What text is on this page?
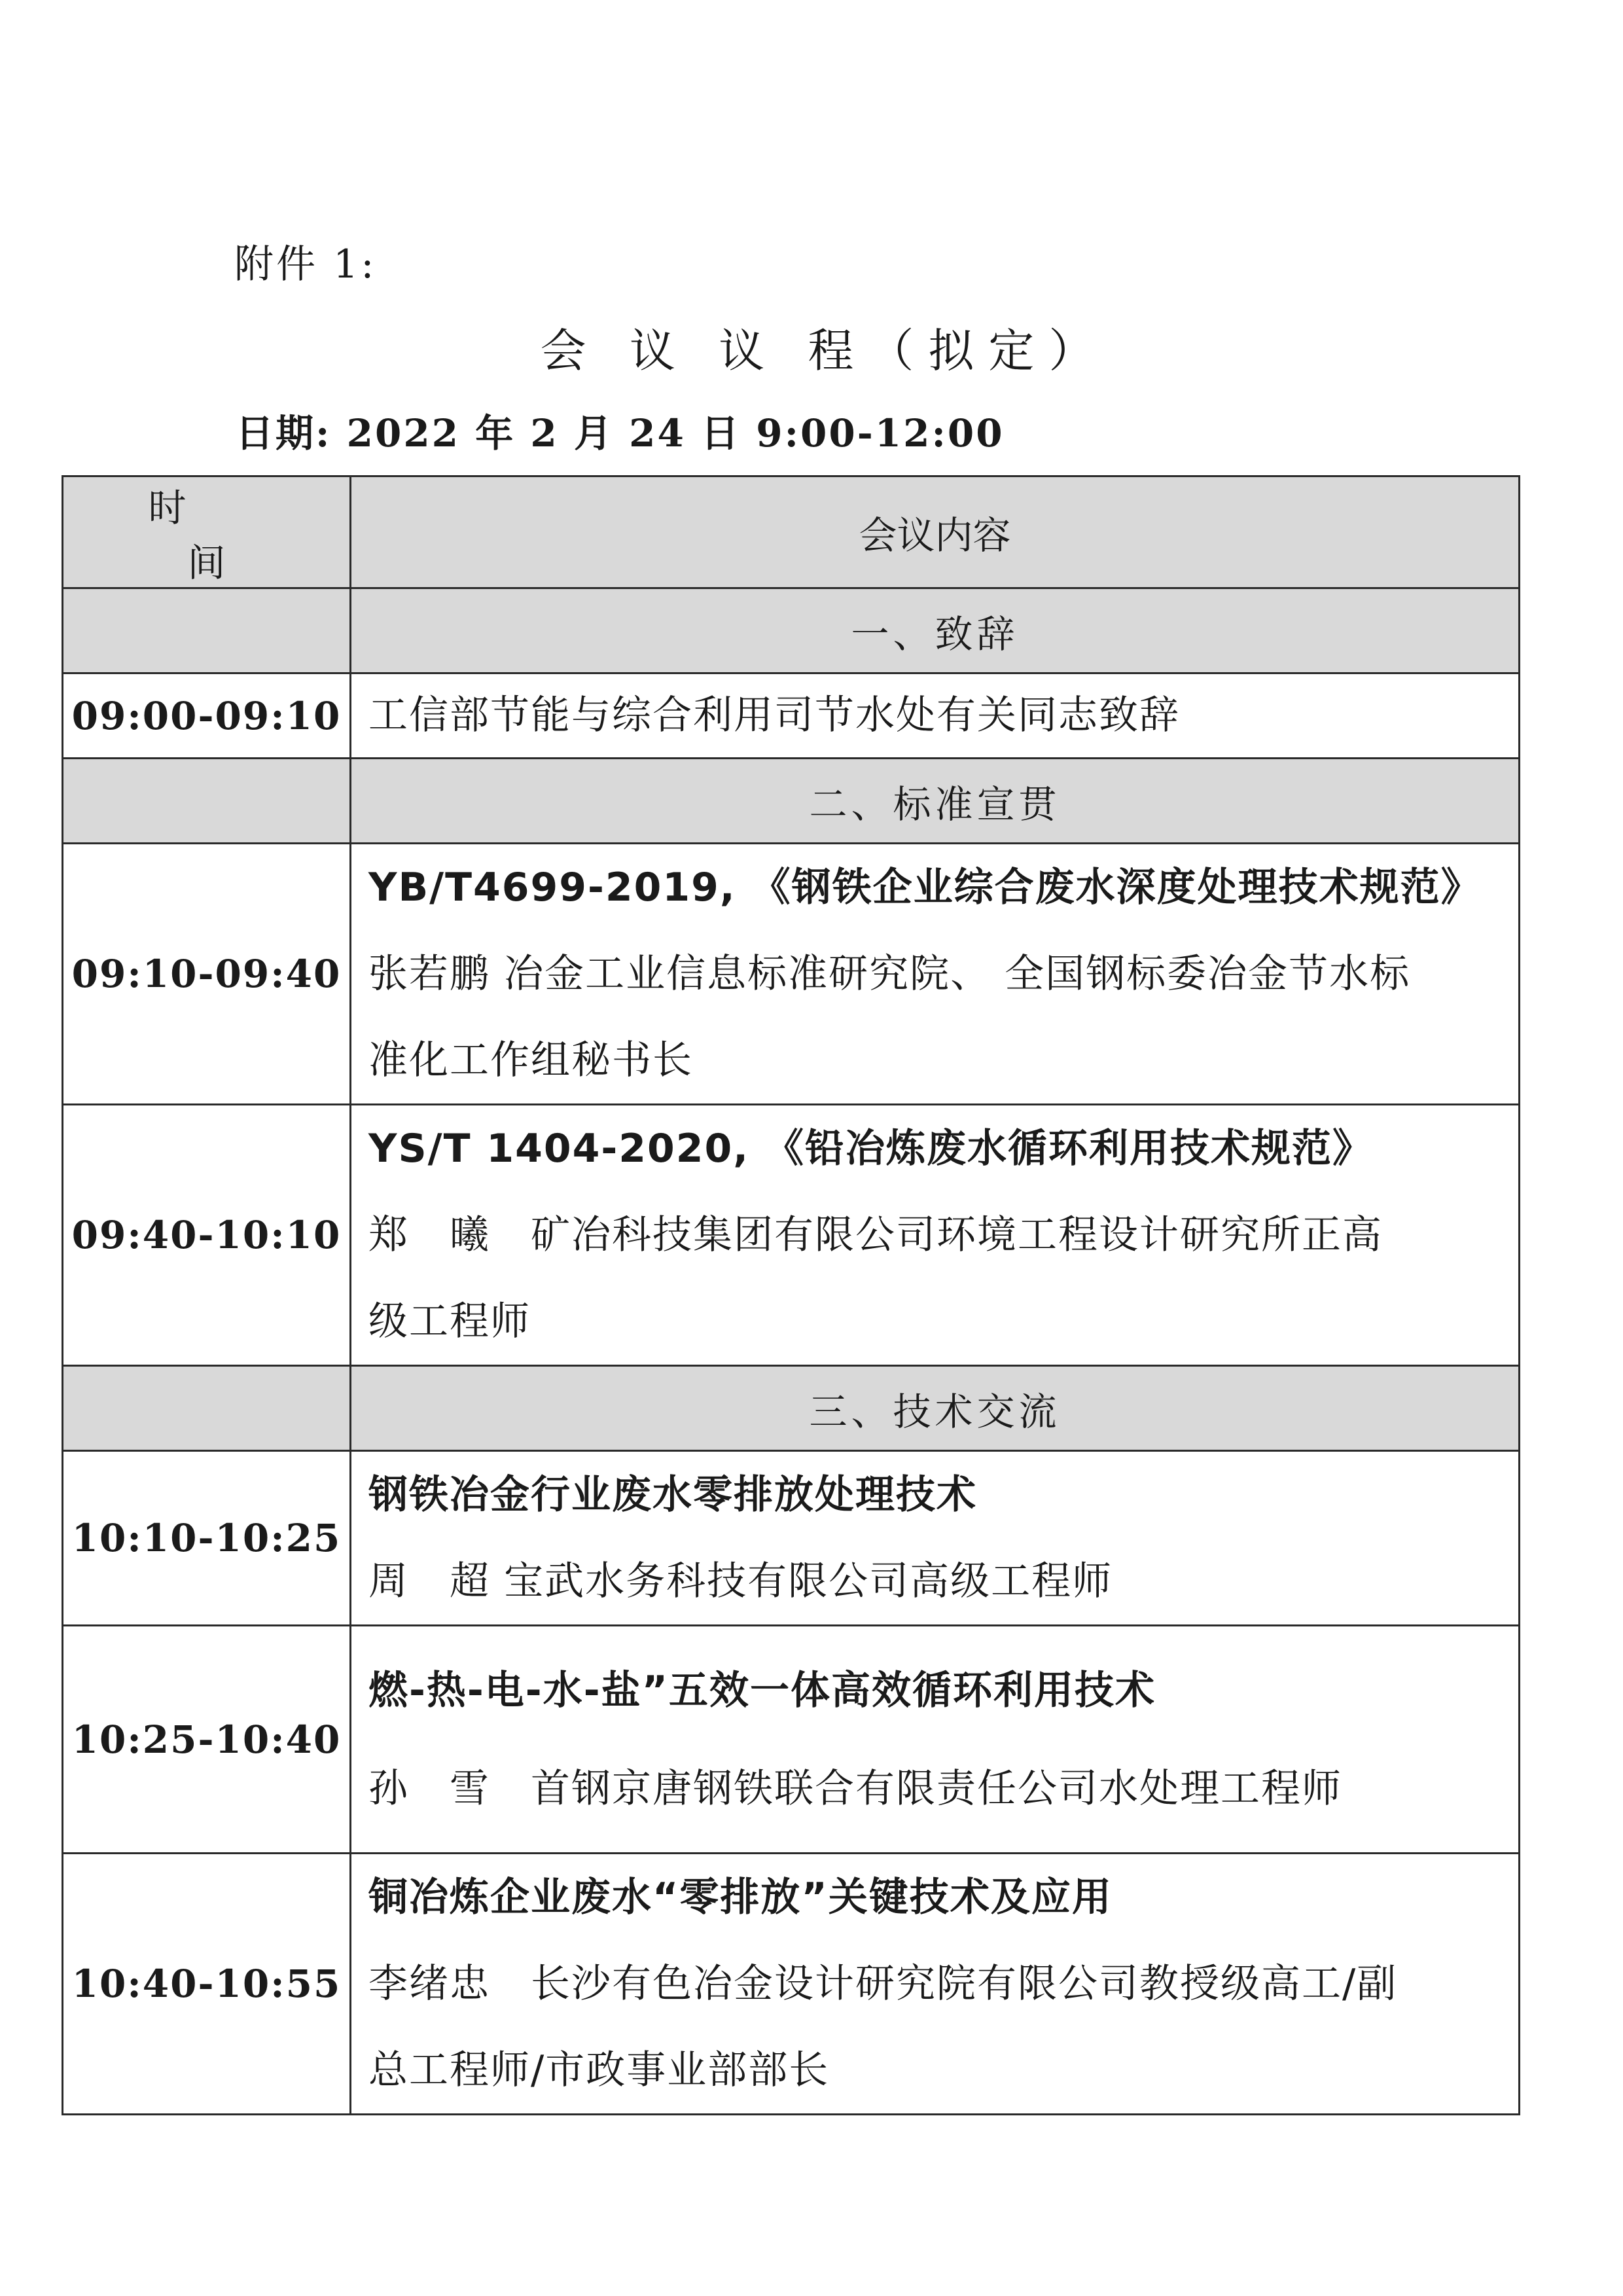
附件 1:
会 议 议 程（拟定）
日期: 2022 年 2 月 24 日 9:00-12:00
时 间	会议内容
	一、致辞
09:00-09:10	工信部节能与综合利用司节水处有关同志致辞

	二、标准宣贯
09:10-09:40	YB/T4699-2019, 《钢铁企业综合废水深度处理技术规范》
张若鹏 冶金工业信息标准研究院、 全国钢标委冶金节水标
准化工作组秘书长

09:40-10:10	YS/T 1404-2020, 《铅冶炼废水循环利用技术规范》
郑　曦　矿冶科技集团有限公司环境工程设计研究所正高
级工程师

	三、技术交流
10:10-10:25	钢铁冶金行业废水零排放处理技术
周　超 宝武水务科技有限公司高级工程师

10:25-10:40	燃-热-电-水-盐”五效一体高效循环利用技术
孙　雪　首钢京唐钢铁联合有限责任公司水处理工程师

10:40-10:55	铜冶炼企业废水“零排放”关键技术及应用
李绪忠　长沙有色冶金设计研究院有限公司教授级高工/副
总工程师/市政事业部部长
